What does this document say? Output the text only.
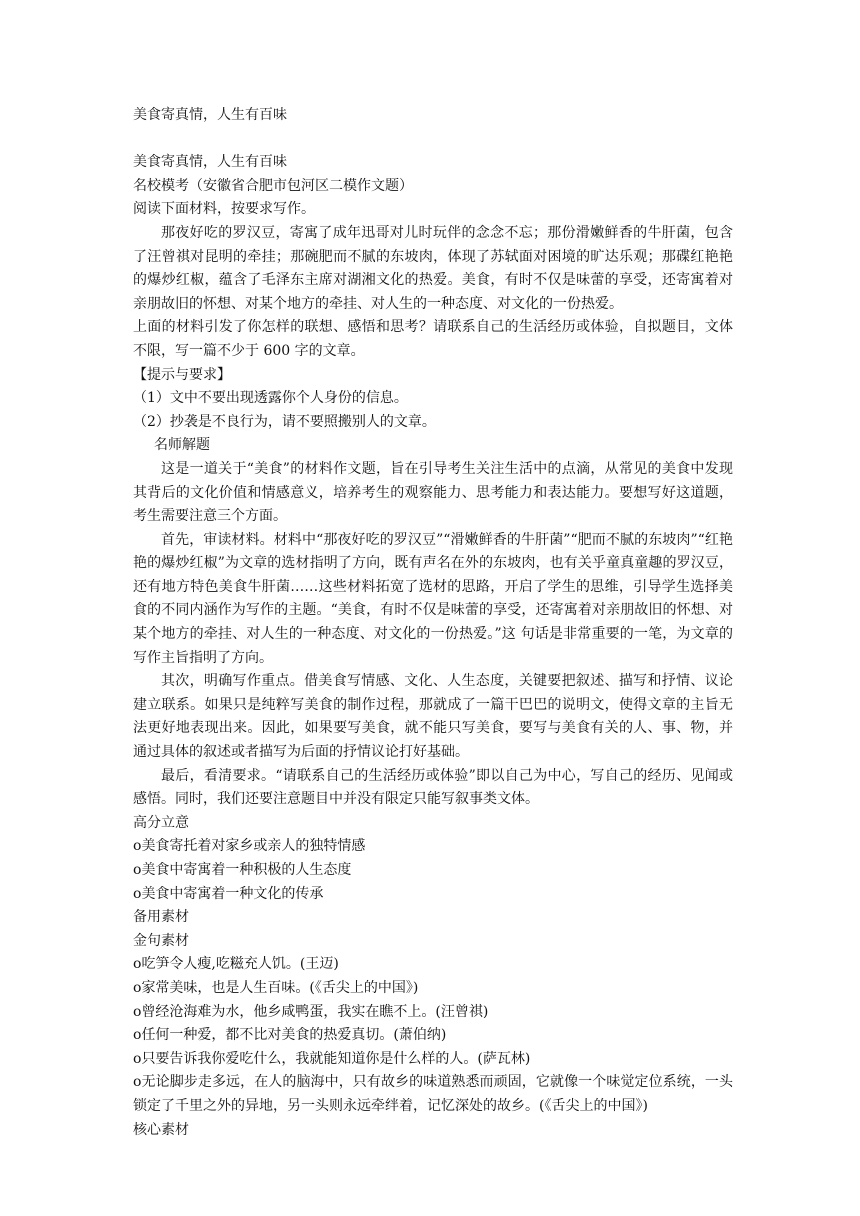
美食寄真情，人生有百味

美食寄真情，人生有百味

名校模考（安徽省合肥市包河区二模作文题）

阅读下面材料，按要求写作。

那夜好吃的罗汉豆，寄寓了成年迅哥对儿时玩伴的念念不忘；那份滑嫩鲜香的牛肝菌，包含了汪曾祺对昆明的牵挂；那碗肥而不腻的东坡肉，体现了苏轼面对困境的旷达乐观；那碟红艳艳的爆炒红椒，蕴含了毛泽东主席对湖湘文化的热爱。美食，有时不仅是味蕾的享受，还寄寓着对亲朋故旧的怀想、对某个地方的牵挂、对人生的一种态度、对文化的一份热爱。

上面的材料引发了你怎样的联想、感悟和思考？请联系自己的生活经历或体验，自拟题目，文体不限，写一篇不少于 600 字的文章。

【提示与要求】

（1）文中不要出现透露你个人身份的信息。

（2）抄袭是不良行为，请不要照搬别人的文章。

名师解题

这是一道关于“美食”的材料作文题，旨在引导考生关注生活中的点滴，从常见的美食中发现其背后的文化价值和情感意义，培养考生的观察能力、思考能力和表达能力。要想写好这道题，考生需要注意三个方面。

首先，审读材料。材料中“那夜好吃的罗汉豆”“滑嫩鲜香的牛肝菌”“肥而不腻的东坡肉”“红艳艳的爆炒红椒”为文章的选材指明了方向，既有声名在外的东坡肉，也有关乎童真童趣的罗汉豆，还有地方特色美食牛肝菌……这些材料拓宽了选材的思路，开启了学生的思维，引导学生选择美食的不同内涵作为写作的主题。“美食，有时不仅是味蕾的享受，还寄寓着对亲朋故旧的怀想、对某个地方的牵挂、对人生的一种态度、对文化的一份热爱。”这 句话是非常重要的一笔，为文章的写作主旨指明了方向。

其次，明确写作重点。借美食写情感、文化、人生态度，关键要把叙述、描写和抒情、议论建立联系。如果只是纯粹写美食的制作过程，那就成了一篇干巴巴的说明文，使得文章的主旨无法更好地表现出来。因此，如果要写美食，就不能只写美食，要写与美食有关的人、事、物，并通过具体的叙述或者描写为后面的抒情议论打好基础。

最后，看清要求。“请联系自己的生活经历或体验”即以自己为中心，写自己的经历、见闻或感悟。同时，我们还要注意题目中并没有限定只能写叙事类文体。

高分立意

o 美食寄托着对家乡或亲人的独特情感

o 美食中寄寓着一种积极的人生态度

o 美食中寄寓着一种文化的传承

备用素材

金句素材

o 吃笋令人瘦,吃糍充人饥。(王迈)

o 家常美味，也是人生百味。(《舌尖上的中国》)

o 曾经沧海难为水，他乡咸鸭蛋，我实在瞧不上。(汪曾祺)

o 任何一种爱，都不比对美食的热爱真切。(萧伯纳)

o 只要告诉我你爱吃什么，我就能知道你是什么样的人。(萨瓦林)

o 无论脚步走多远，在人的脑海中，只有故乡的味道熟悉而顽固，它就像一个味觉定位系统，一头锁定了千里之外的异地，另一头则永远牵绊着，记忆深处的故乡。(《舌尖上的中国》)

核心素材
